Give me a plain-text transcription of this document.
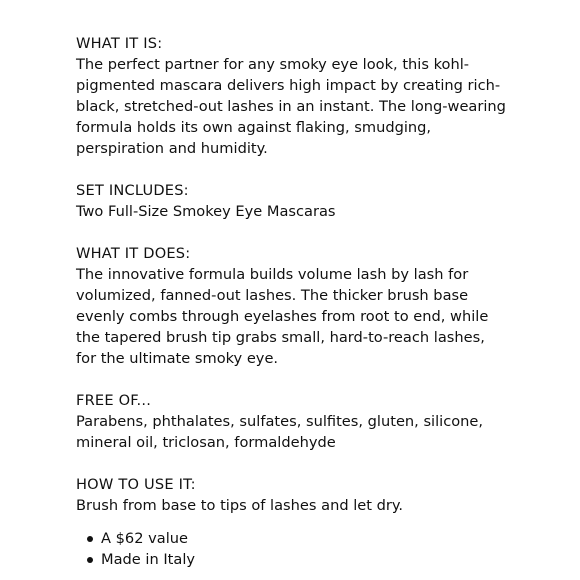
WHAT IT IS:
The perfect partner for any smoky eye look, this kohl-
pigmented mascara delivers high impact by creating rich-
black, stretched-out lashes in an instant. The long-wearing
formula holds its own against flaking, smudging,
perspiration and humidity.
SET INCLUDES:
Two Full-Size Smokey Eye Mascaras
WHAT IT DOES:
The innovative formula builds volume lash by lash for
volumized, fanned-out lashes. The thicker brush base
evenly combs through eyelashes from root to end, while
the tapered brush tip grabs small, hard-to-reach lashes,
for the ultimate smoky eye.
FREE OF...
Parabens, phthalates, sulfates, sulfites, gluten, silicone,
mineral oil, triclosan, formaldehyde
HOW TO USE IT:
Brush from base to tips of lashes and let dry.
A $62 value
Made in Italy
